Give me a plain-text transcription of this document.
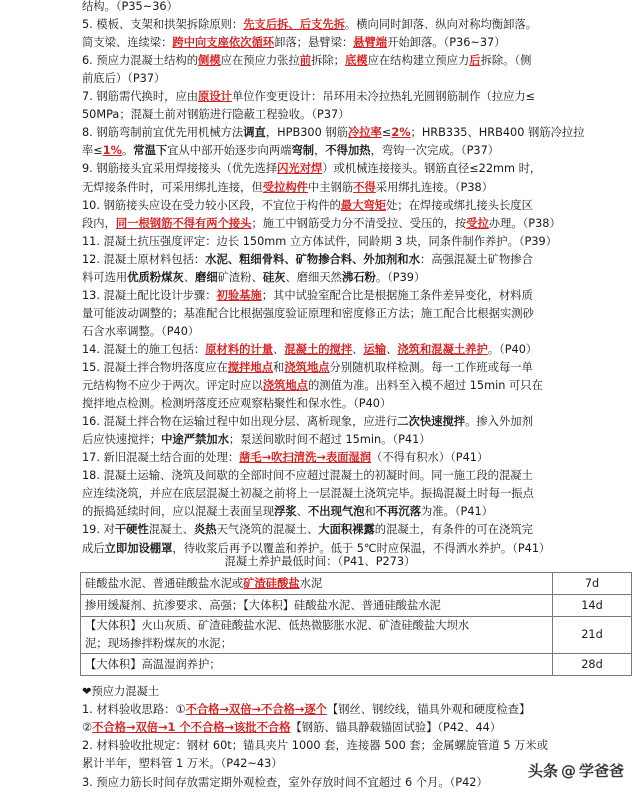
结构。（P35~36）
5. 模板、支架和拱架拆除原则：先支后拆、后支先拆。横向同时卸落、纵向对称均衡卸落。
简支梁、连续梁：跨中向支座依次循环卸落；悬臂梁：悬臂端开始卸落。（P36~37）
6. 预应力混凝土结构的侧模应在预应力张拉前拆除；底模应在结构建立预应力后拆除。（侧
前底后）（P37）
7. 钢筋需代换时，应由原设计单位作变更设计：吊环用未冷拉热轧光圆钢筋制作（拉应力≤
50MPa；混凝土前对钢筋进行隐蔽工程验收。（P37）
8. 钢筋弯制前宜优先用机械方法调直，HPB300 钢筋冷拉率≤2%；HRB335、HRB400 钢筋冷拉拉
率≤1%。常温下宜从中部开始逐步向两端弯制，不得加热，弯钩一次完成。（P37）
9. 钢筋接头宜采用焊接接头（优先选择闪光对焊）或机械连接接头。钢筋直径≤22mm 时，
无焊接条件时，可采用绑扎连接，但受拉构件中主钢筋不得采用绑扎连接。（P38）
10. 钢筋接头应设在受力较小区段，不宜位于构件的最大弯矩处；在焊接或绑扎接头长度区
段内，同一根钢筋不得有两个接头；施工中钢筋受力分不清受拉、受压的，按受拉办理。（P38）
11. 混凝土抗压强度评定：边长 150mm 立方体试件，同龄期 3 块，同条件制作养护。（P39）
12. 混凝土原材料包括：水泥、粗细骨料、矿物掺合料、外加剂和水：高强混凝土矿物掺合
料可选用优质粉煤灰、磨细矿渣粉、硅灰、磨细天然沸石粉。（P39）
13. 混凝土配比设计步骤：初验基施；其中试验室配合比是根据施工条件差异变化，材料质
量可能波动调整的；基准配合比根据强度验证原理和密度修正方法；施工配合比根据实测砂
石含水率调整。（P40）
14. 混凝土的施工包括：原材料的计量、混凝土的搅拌、运输、浇筑和混凝土养护。（P40）
15. 混凝土拌合物坍落度应在搅拌地点和浇筑地点分别随机取样检测。每一工作班或每一单
元结构物不应少于两次。评定时应以浇筑地点的测值为准。出料至入模不超过 15min 可只在
搅拌地点检测。检测坍落度还应观察粘聚性和保水性。（P40）
16. 混凝土拌合物在运输过程中如出现分层、离析现象，应进行二次快速搅拌。掺入外加剂
后应快速搅拌；中途严禁加水；泵送间歇时间不超过 15min。（P41）
17. 新旧混凝土结合面的处理：凿毛→吹扫清洗→表面湿润（不得有积水）（P41）
18. 混凝土运输、浇筑及间歇的全部时间不应超过混凝土的初凝时间。同一施工段的混凝土
应连续浇筑，并应在底层混凝土初凝之前将上一层混凝土浇筑完毕。振捣混凝土时每一振点
的振捣延续时间，应以混凝土表面呈现浮浆、不出现气泡和不再沉落为准。（P41）
19. 对干硬性混凝土、炎热天气浇筑的混凝土、大面积裸露的混凝土，有条件的可在浇筑完
成后立即加设棚罩，待收浆后再予以覆盖和养护。低于 5℃时应保温，不得洒水养护。（P41）
混凝土养护最低时间：（P41、P273）
硅酸盐水泥、普通硅酸盐水泥或矿渣硅酸盐水泥	7d

掺用缓凝剂、抗渗要求、高强；【大体积】硅酸盐水泥、普通硅酸盐水泥	14d

【大体积】火山灰质、矿渣硅酸盐水泥、低热微膨胀水泥、矿渣硅酸盐大坝水
泥；现场掺拌粉煤灰的水泥；	21d

【大体积】高温湿润养护；	28d
❤预应力混凝土
1. 材料验收思路：①不合格→双倍→不合格→逐个【钢丝、钢绞线，锚具外观和硬度检查】
②不合格→双倍→1 个不合格→该批不合格【钢筋、锚具静载锚固试验】（P42、44）
2. 材料验收批规定：钢材 60t；锚具夹片 1000 套，连接器 500 套；金属螺旋管道 5 万米或
累计半年，塑料管 1 万米。（P42~43）
3. 预应力筋长时间存放需定期外观检查，室外存放时间不宜超过 6 个月。（P42）
头条 @ 学爸爸
